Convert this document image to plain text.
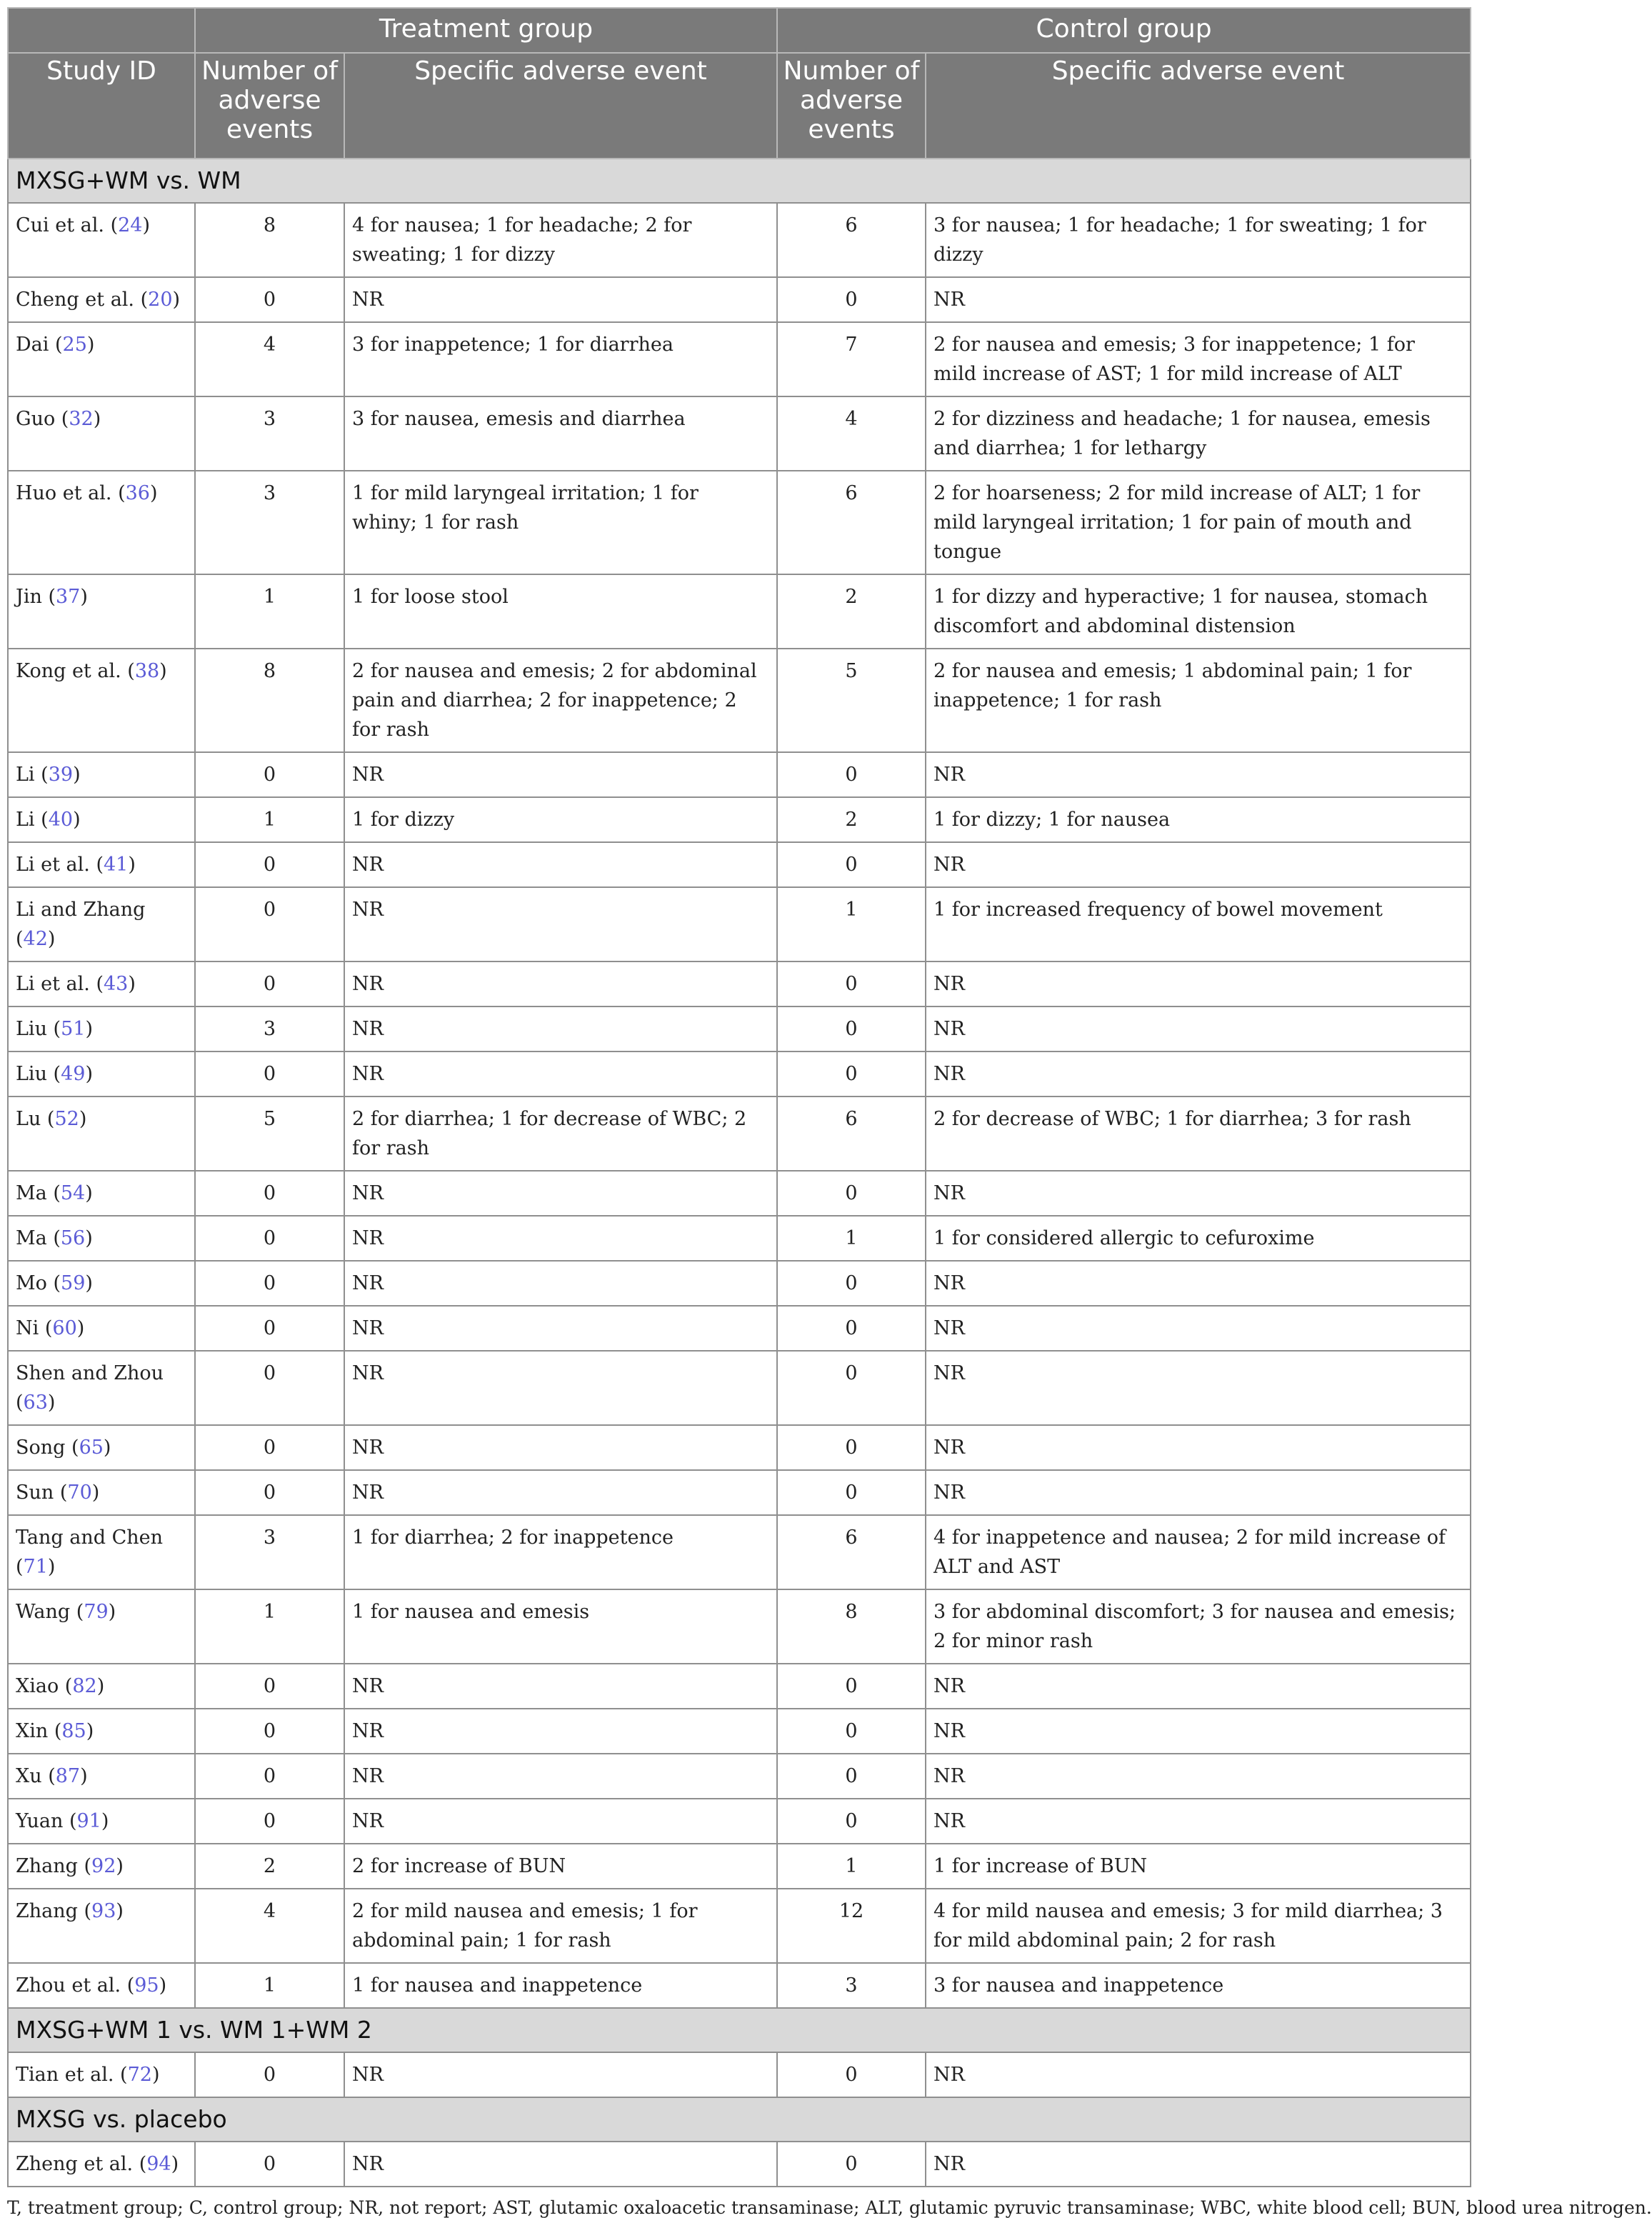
	Treatment group		Control group	
Study ID	Number of adverse events	Specific adverse event	Number of adverse events	Specific adverse event
MXSG+WM vs. WM				
Cui et al. (24)	8	4 for nausea; 1 for headache; 2 for sweating; 1 for dizzy	6	3 for nausea; 1 for headache; 1 for sweating; 1 for dizzy
Cheng et al. (20)	0	NR	0	NR
Dai (25)	4	3 for inappetence; 1 for diarrhea	7	2 for nausea and emesis; 3 for inappetence; 1 for mild increase of AST; 1 for mild increase of ALT
Guo (32)	3	3 for nausea, emesis and diarrhea	4	2 for dizziness and headache; 1 for nausea, emesis and diarrhea; 1 for lethargy
Huo et al. (36)	3	1 for mild laryngeal irritation; 1 for whiny; 1 for rash	6	2 for hoarseness; 2 for mild increase of ALT; 1 for mild laryngeal irritation; 1 for pain of mouth and tongue
Jin (37)	1	1 for loose stool	2	1 for dizzy and hyperactive; 1 for nausea, stomach discomfort and abdominal distension
Kong et al. (38)	8	2 for nausea and emesis; 2 for abdominal pain and diarrhea; 2 for inappetence; 2 for rash	5	2 for nausea and emesis; 1 abdominal pain; 1 for inappetence; 1 for rash
Li (39)	0	NR	0	NR
Li (40)	1	1 for dizzy	2	1 for dizzy; 1 for nausea
Li et al. (41)	0	NR	0	NR
Li and Zhang (42)	0	NR	1	1 for increased frequency of bowel movement
Li et al. (43)	0	NR	0	NR
Liu (51)	3	NR	0	NR
Liu (49)	0	NR	0	NR
Lu (52)	5	2 for diarrhea; 1 for decrease of WBC; 2 for rash	6	2 for decrease of WBC; 1 for diarrhea; 3 for rash
Ma (54)	0	NR	0	NR
Ma (56)	0	NR	1	1 for considered allergic to cefuroxime
Mo (59)	0	NR	0	NR
Ni (60)	0	NR	0	NR
Shen and Zhou (63)	0	NR	0	NR
Song (65)	0	NR	0	NR
Sun (70)	0	NR	0	NR
Tang and Chen (71)	3	1 for diarrhea; 2 for inappetence	6	4 for inappetence and nausea; 2 for mild increase of ALT and AST
Wang (79)	1	1 for nausea and emesis	8	3 for abdominal discomfort; 3 for nausea and emesis; 2 for minor rash
Xiao (82)	0	NR	0	NR
Xin (85)	0	NR	0	NR
Xu (87)	0	NR	0	NR
Yuan (91)	0	NR	0	NR
Zhang (92)	2	2 for increase of BUN	1	1 for increase of BUN
Zhang (93)	4	2 for mild nausea and emesis; 1 for abdominal pain; 1 for rash	12	4 for mild nausea and emesis; 3 for mild diarrhea; 3 for mild abdominal pain; 2 for rash
Zhou et al. (95)	1	1 for nausea and inappetence	3	3 for nausea and inappetence
MXSG+WM 1 vs. WM 1+WM 2				
Tian et al. (72)	0	NR	0	NR
MXSG vs. placebo				
Zheng et al. (94)	0	NR	0	NR
T, treatment group; C, control group; NR, not report; AST, glutamic oxaloacetic transaminase; ALT, glutamic pyruvic transaminase; WBC, white blood cell; BUN, blood urea nitrogen.
